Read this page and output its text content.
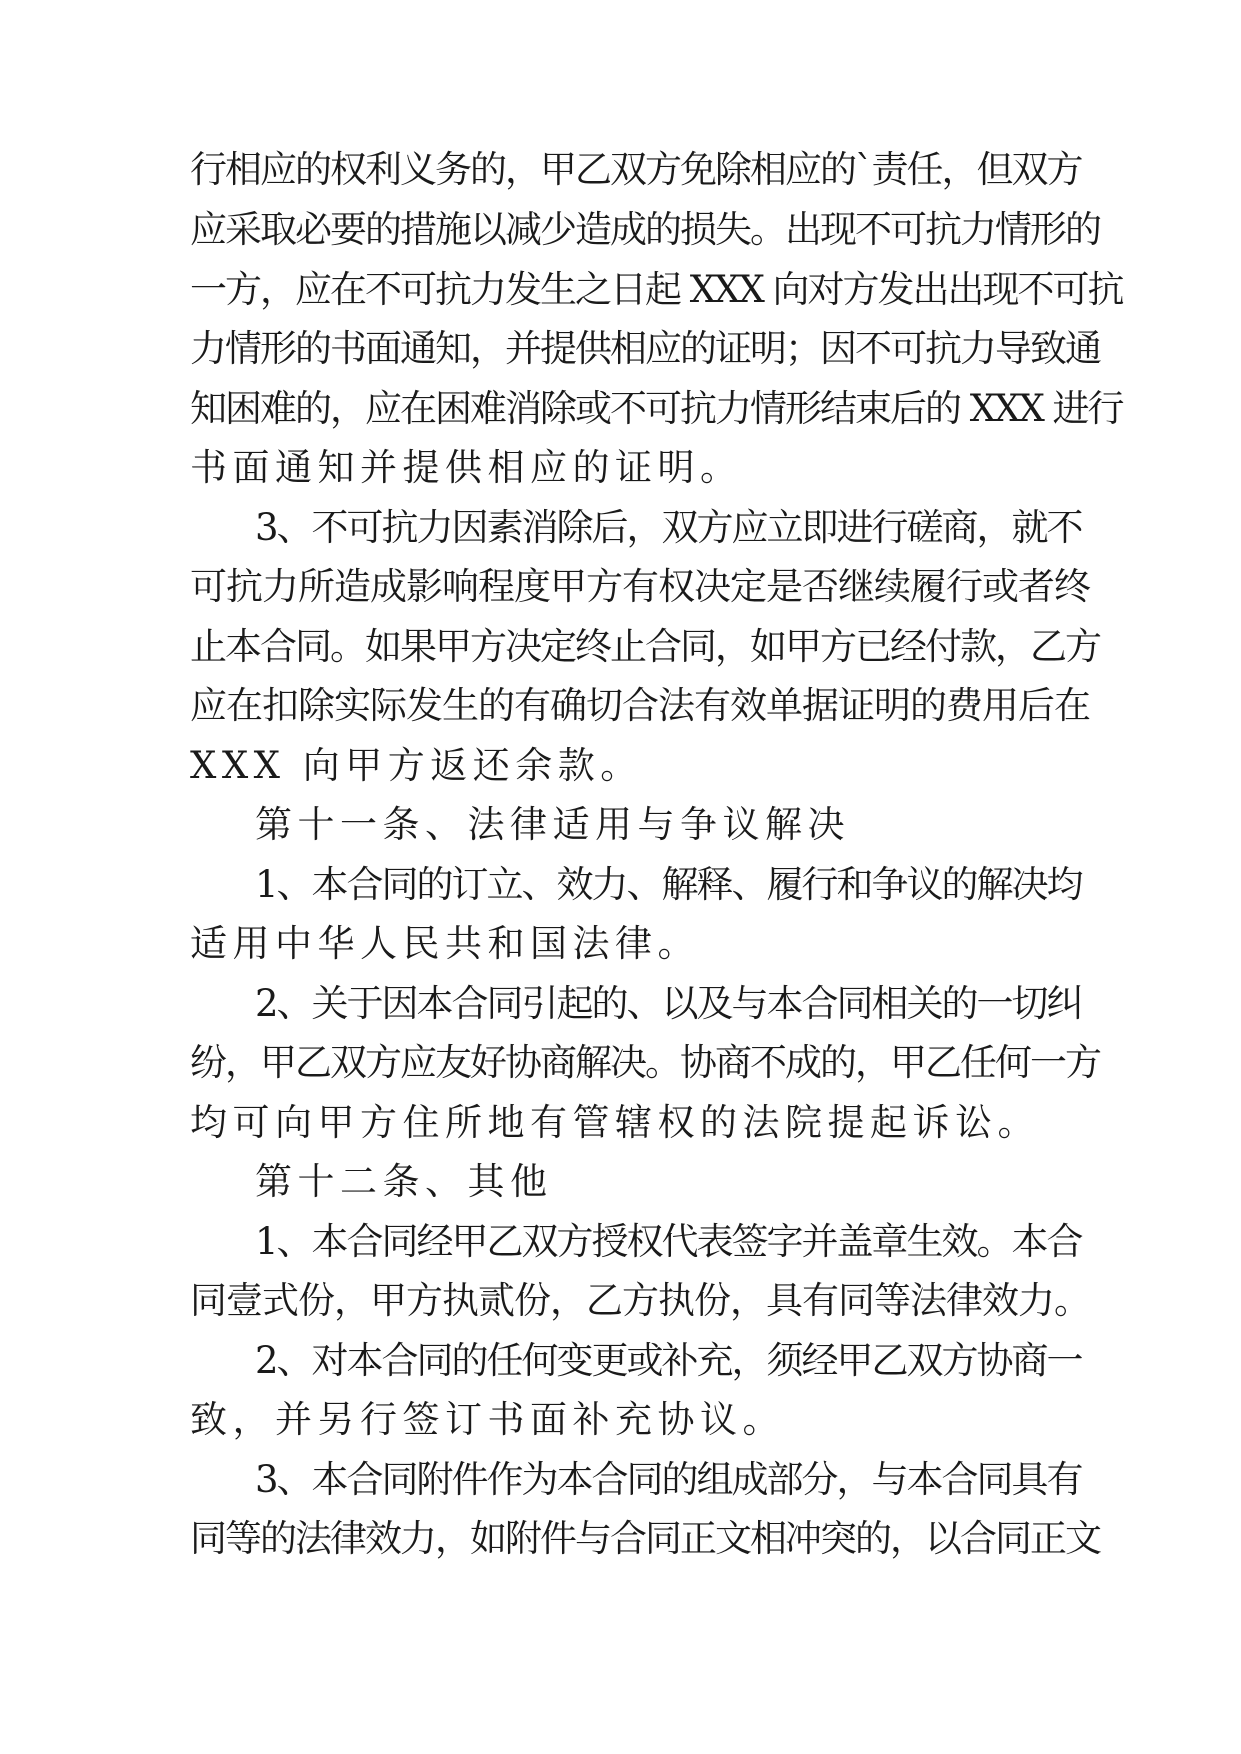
行相应的权利义务的，甲乙双方免除相应的`责任，但双方

应采取必要的措施以减少造成的损失。出现不可抗力情形的

一方，应在不可抗力发生之日起 XXX 向对方发出出现不可抗

力情形的书面通知，并提供相应的证明；因不可抗力导致通

知困难的，应在困难消除或不可抗力情形结束后的 XXX 进行

书面通知并提供相应的证明。

3、不可抗力因素消除后，双方应立即进行磋商，就不

可抗力所造成影响程度甲方有权决定是否继续履行或者终

止本合同。如果甲方决定终止合同，如甲方已经付款，乙方

应在扣除实际发生的有确切合法有效单据证明的费用后在

XXX 向甲方返还余款。

第十一条、法律适用与争议解决

1、本合同的订立、效力、解释、履行和争议的解决均

适用中华人民共和国法律。

2、关于因本合同引起的、以及与本合同相关的一切纠

纷，甲乙双方应友好协商解决。协商不成的，甲乙任何一方

均可向甲方住所地有管辖权的法院提起诉讼。

第十二条、其他

1、本合同经甲乙双方授权代表签字并盖章生效。本合

同壹式份，甲方执贰份，乙方执份，具有同等法律效力。

2、对本合同的任何变更或补充，须经甲乙双方协商一

致，并另行签订书面补充协议。

3、本合同附件作为本合同的组成部分，与本合同具有

同等的法律效力，如附件与合同正文相冲突的，以合同正文
